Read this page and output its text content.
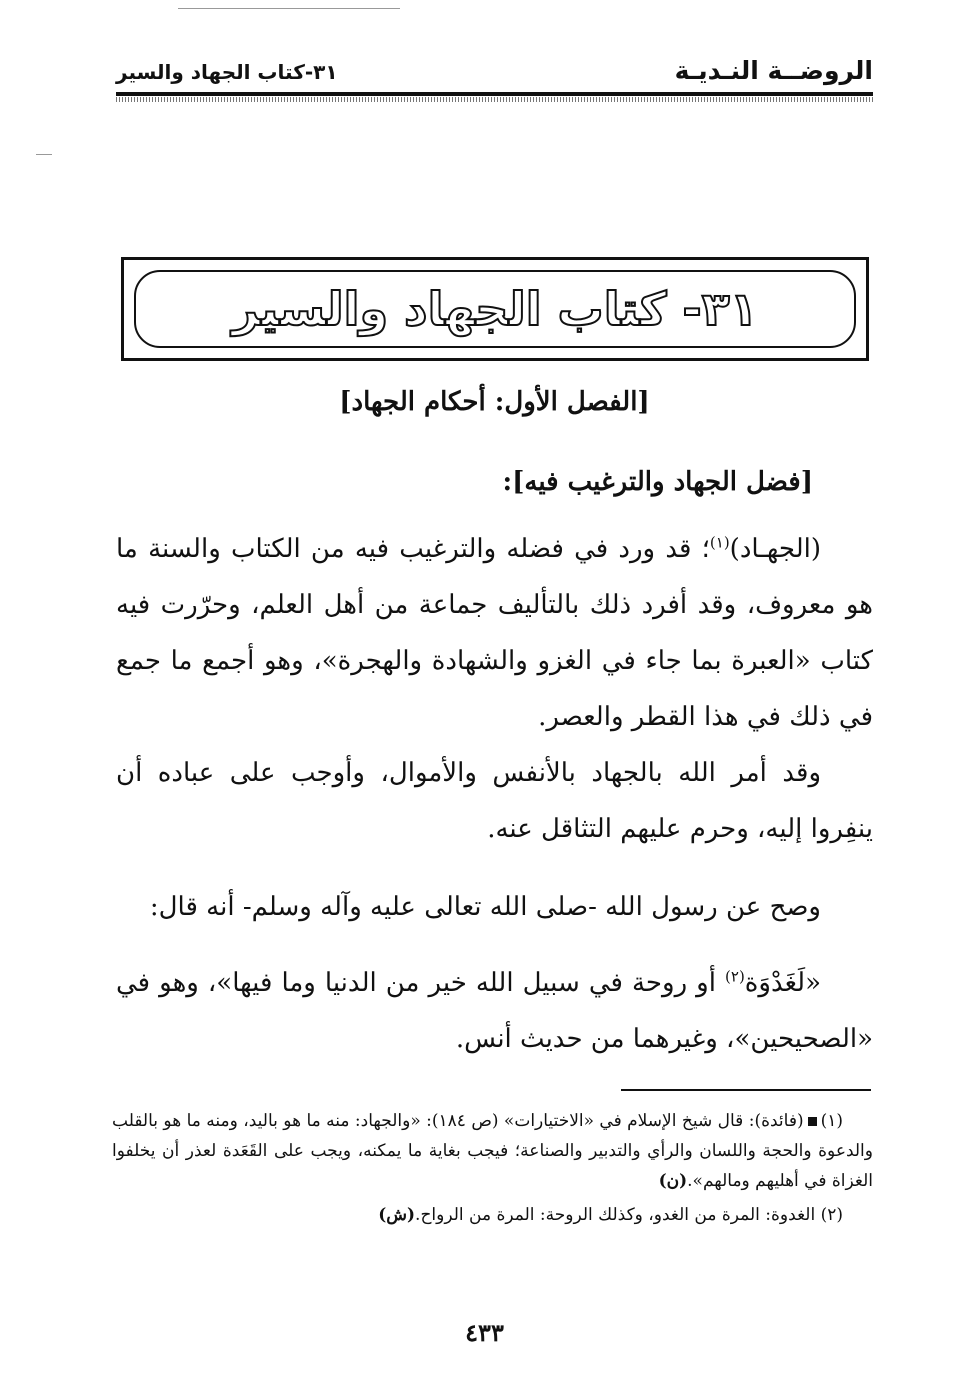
الروضــة النـديـة
٣١-كتاب الجهاد والسير
٣١- كتاب الجهاد والسير
[الفصل الأول: أحكام الجهاد]
[فضل الجهاد والترغيب فيه]:
(الجهـاد)$^{(١)}$؛ قد ورد في فضله والترغيب فيه من الكتاب والسنة ما هو معروف، وقد أفرد ذلك بالتأليف جماعة من أهل العلم، وحرّرت فيه كتاب «العبرة بما جاء في الغزو والشهادة والهجرة»، وهو أجمع ما جمع في ذلك في هذا القطر والعصر.
وقد أمر الله بالجهاد بالأنفس والأموال، وأوجب على عباده أن ينفِروا إليه، وحرم عليهم التثاقل عنه.
وصح عن رسول الله -صلى الله تعالى عليه وآله وسلم- أنه قال:
«لَغَدْوَة$^{(٢)}$ أو روحة في سبيل الله خير من الدنيا وما فيها»، وهو في «الصحيحين»، وغيرهما من حديث أنس.
(١)(فائدة): قال شيخ الإسلام في «الاختيارات» (ص ١٨٤): «والجهاد: منه ما هو باليد، ومنه ما هو بالقلب والدعوة والحجة واللسان والرأي والتدبير والصناعة؛ فيجب بغاية ما يمكنه، ويجب على القَعَدة لعذر أن يخلفوا الغزاة في أهليهم ومالهم».(ن)
(٢) الغدوة: المرة من الغدو، وكذلك الروحة: المرة من الرواح.(ش)
٤٣٣
